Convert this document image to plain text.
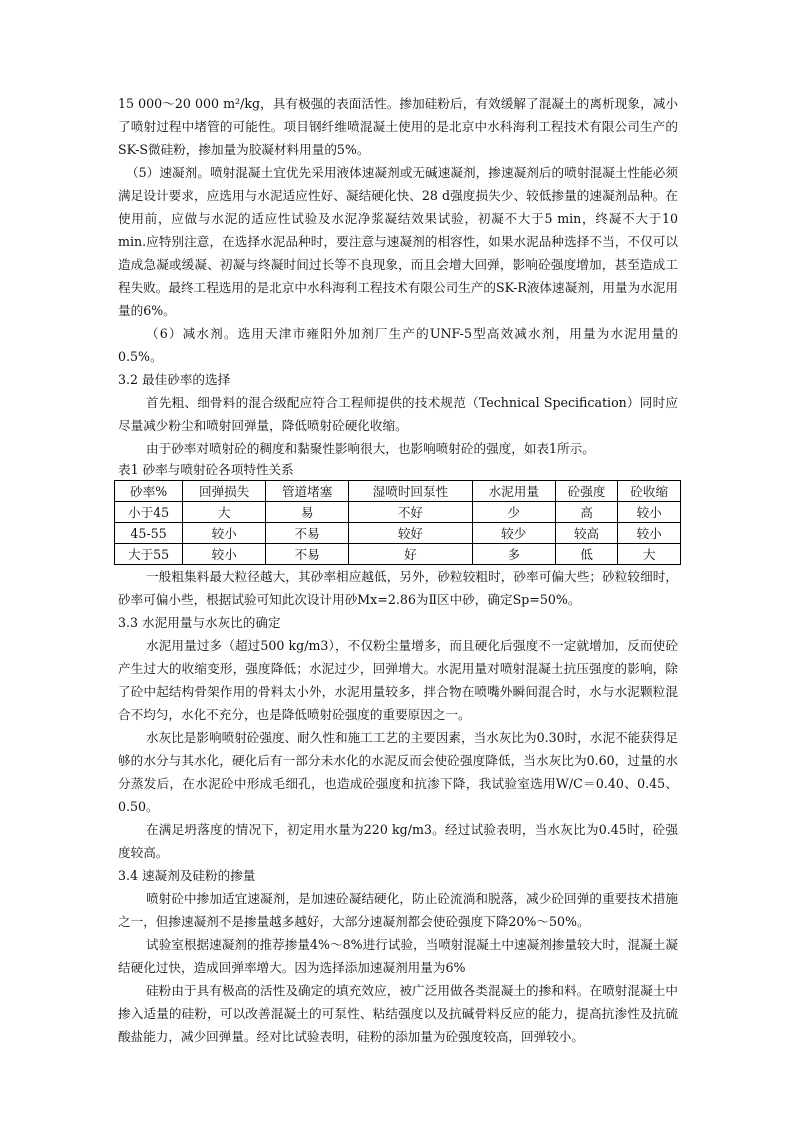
15 000～20 000 m²/kg，具有极强的表面活性。掺加硅粉后，有效缓解了混凝土的离析现象，减小了喷射过程中堵管的可能性。项目钢纤维喷混凝土使用的是北京中水科海利工程技术有限公司生产的SK-S微硅粉，掺加量为胶凝材料用量的5%。

（5）速凝剂。喷射混凝土宜优先采用液体速凝剂或无碱速凝剂，掺速凝剂后的喷射混凝土性能必须满足设计要求，应选用与水泥适应性好、凝结硬化快、28 d强度损失少、较低掺量的速凝剂品种。在使用前，应做与水泥的适应性试验及水泥净浆凝结效果试验，初凝不大于5 min，终凝不大于10 min.应特别注意，在选择水泥品种时，要注意与速凝剂的相容性，如果水泥品种选择不当，不仅可以造成急凝或缓凝、初凝与终凝时间过长等不良现象，而且会增大回弹，影响砼强度增加，甚至造成工程失败。最终工程选用的是北京中水科海利工程技术有限公司生产的SK-R液体速凝剂，用量为水泥用量的6%。

（6）减水剂。选用天津市雍阳外加剂厂生产的UNF-5型高效减水剂，用量为水泥用量的0.5%。

3.2 最佳砂率的选择

首先粗、细骨料的混合级配应符合工程师提供的技术规范（Technical Specification）同时应尽量减少粉尘和喷射回弹量，降低喷射砼硬化收缩。

由于砂率对喷射砼的稠度和黏聚性影响很大，也影响喷射砼的强度，如表1所示。

表1 砂率与喷射砼各项特性关系

砂率%	回弹损失	管道堵塞	湿喷时回泵性	水泥用量	砼强度	砼收缩
小于45	大	易	不好	少	高	较小
45-55	较小	不易	较好	较少	较高	较小
大于55	较小	不易	好	多	低	大

一般粗集料最大粒径越大，其砂率相应越低，另外，砂粒较粗时，砂率可偏大些；砂粒较细时，砂率可偏小些，根据试验可知此次设计用砂Mx=2.86为Ⅱ区中砂，确定Sp=50%。

3.3 水泥用量与水灰比的确定

水泥用量过多（超过500 kg/m3），不仅粉尘量增多，而且硬化后强度不一定就增加，反而使砼产生过大的收缩变形，强度降低；水泥过少，回弹增大。水泥用量对喷射混凝土抗压强度的影响，除了砼中起结构骨架作用的骨料太小外，水泥用量较多，拌合物在喷嘴外瞬间混合时，水与水泥颗粒混合不均匀，水化不充分，也是降低喷射砼强度的重要原因之一。

水灰比是影响喷射砼强度、耐久性和施工工艺的主要因素，当水灰比为0.30时，水泥不能获得足够的水分与其水化，硬化后有一部分未水化的水泥反而会使砼强度降低，当水灰比为0.60，过量的水分蒸发后，在水泥砼中形成毛细孔，也造成砼强度和抗渗下降，我试验室选用W/C＝0.40、0.45、0.50。

在满足坍落度的情况下，初定用水量为220 kg/m3。经过试验表明，当水灰比为0.45时，砼强度较高。

3.4 速凝剂及硅粉的掺量

喷射砼中掺加适宜速凝剂，是加速砼凝结硬化，防止砼流淌和脱落，减少砼回弹的重要技术措施之一，但掺速凝剂不是掺量越多越好，大部分速凝剂都会使砼强度下降20%～50%。

试验室根据速凝剂的推荐掺量4%～8%进行试验，当喷射混凝土中速凝剂掺量较大时，混凝土凝结硬化过快，造成回弹率增大。因为选择添加速凝剂用量为6%

硅粉由于具有极高的活性及确定的填充效应，被广泛用做各类混凝土的掺和料。在喷射混凝土中掺入适量的硅粉，可以改善混凝土的可泵性、粘结强度以及抗碱骨料反应的能力，提高抗渗性及抗硫酸盐能力，减少回弹量。经对比试验表明，硅粉的添加量为砼强度较高，回弹较小。
